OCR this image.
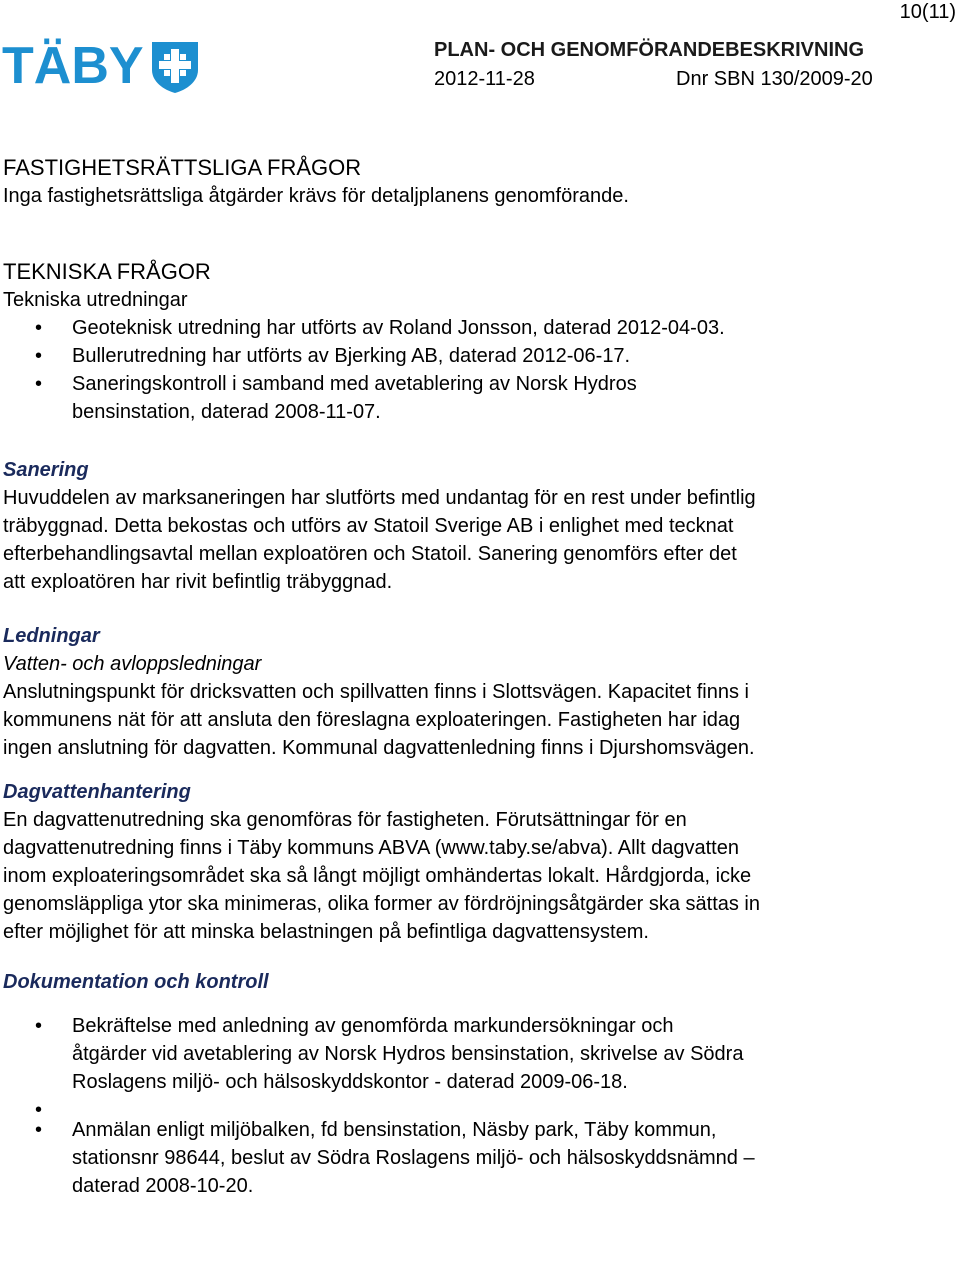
10(11)
TÄBY	PLAN- OCH GENOMFÖRANDEBESKRIVNING
2012-11-28	Dnr SBN 130/2009-20
FASTIGHETSRÄTTSLIGA FRÅGOR

Inga fastighetsrättsliga åtgärder krävs för detaljplanens genomförande.

TEKNISKA FRÅGOR

Tekniska utredningar

• Geoteknisk utredning har utförts av Roland Jonsson, daterad 2012-04-03.
• Bullerutredning har utförts av Bjerking AB, daterad 2012-06-17.
• Saneringskontroll i samband med avetablering av Norsk Hydros bensinstation, daterad 2008-11-07.
Sanering

Huvuddelen av marksaneringen har slutförts med undantag för en rest under befintlig träbyggnad. Detta bekostas och utförs av Statoil Sverige AB i enlighet med tecknat efterbehandlingsavtal mellan exploatören och Statoil. Sanering genomförs efter det att exploatören har rivit befintlig träbyggnad.

Ledningar

Vatten- och avloppsledningar

Anslutningspunkt för dricksvatten och spillvatten finns i Slottsvägen. Kapacitet finns i kommunens nät för att ansluta den föreslagna exploateringen. Fastigheten har idag ingen anslutning för dagvatten. Kommunal dagvattenledning finns i Djurshomsvägen.

Dagvattenhantering

En dagvattenutredning ska genomföras för fastigheten. Förutsättningar för en dagvattenutredning finns i Täby kommuns ABVA (www.taby.se/abva). Allt dagvatten inom exploateringsområdet ska så långt möjligt omhändertas lokalt. Hårdgjorda, icke genomsläppliga ytor ska minimeras, olika former av fördröjningsåtgärder ska sättas in efter möjlighet för att minska belastningen på befintliga dagvattensystem.

Dokumentation och kontroll
• Bekräftelse med anledning av genomförda markundersökningar och åtgärder vid avetablering av Norsk Hydros bensinstation, skrivelse av Södra Roslagens miljö- och hälsoskyddskontor - daterad 2009-06-18.
•
• Anmälan enligt miljöbalken, fd bensinstation, Näsby park, Täby kommun, stationsnr 98644, beslut av Södra Roslagens miljö- och hälsoskyddsnämnd – daterad 2008-10-20.
